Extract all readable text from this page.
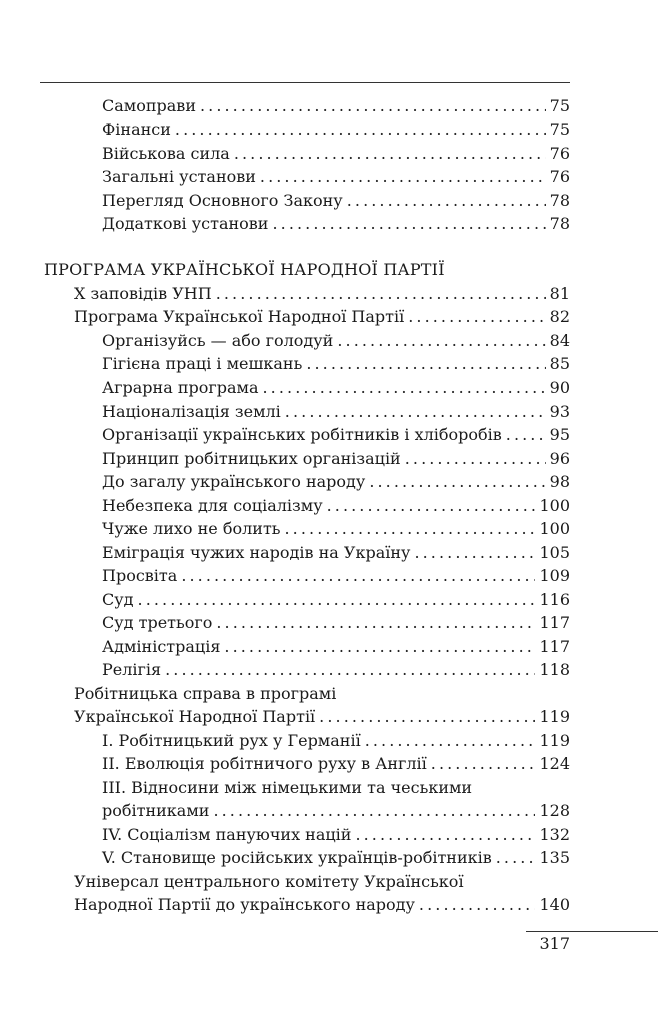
Самоправи . . .	75
Фінанси . . .	75
Військова сила . . .	76
Загальні установи . . .	76
Перегляд Основного Закону . . .	78
Додаткові установи . . .	78
ПРОГРАМА УКРАЇНСЬКОЇ НАРОДНОЇ ПАРТІЇ
X заповідів УНП . . .	81
Програма Української Народної Партії . . .	82
Організуйсь — або голодуй . . .	84
Гігієна праці і мешкань . . .	85
Аграрна програма . . .	90
Націоналізація землі . . .	93
Організації українських робітників і хліборобів . . .	95
Принцип робітницьких організацій . . .	96
До загалу українського народу . . .	98
Небезпека для соціалізму . . .	100
Чуже лихо не болить . . .	100
Еміграція чужих народів на Україну . . .	105
Просвіта . . .	109
Суд . . .	116
Суд третього . . .	117
Адміністрація . . .	117
Релігія . . .	118
Робітницька справа в програмі
Української Народної Партії . . .	119
І. Робітницький рух у Германії . . .	119
ІІ. Еволюція робітничого руху в Англії . . .	124
ІІІ. Відносини між німецькими та чеськими
робітниками . . .	128
IV. Соціалізм пануючих націй . . .	132
V. Становище російських українців-робітників . . .	135
Універсал центрального комітету Української
Народної Партії до українського народу . . .	140
317
